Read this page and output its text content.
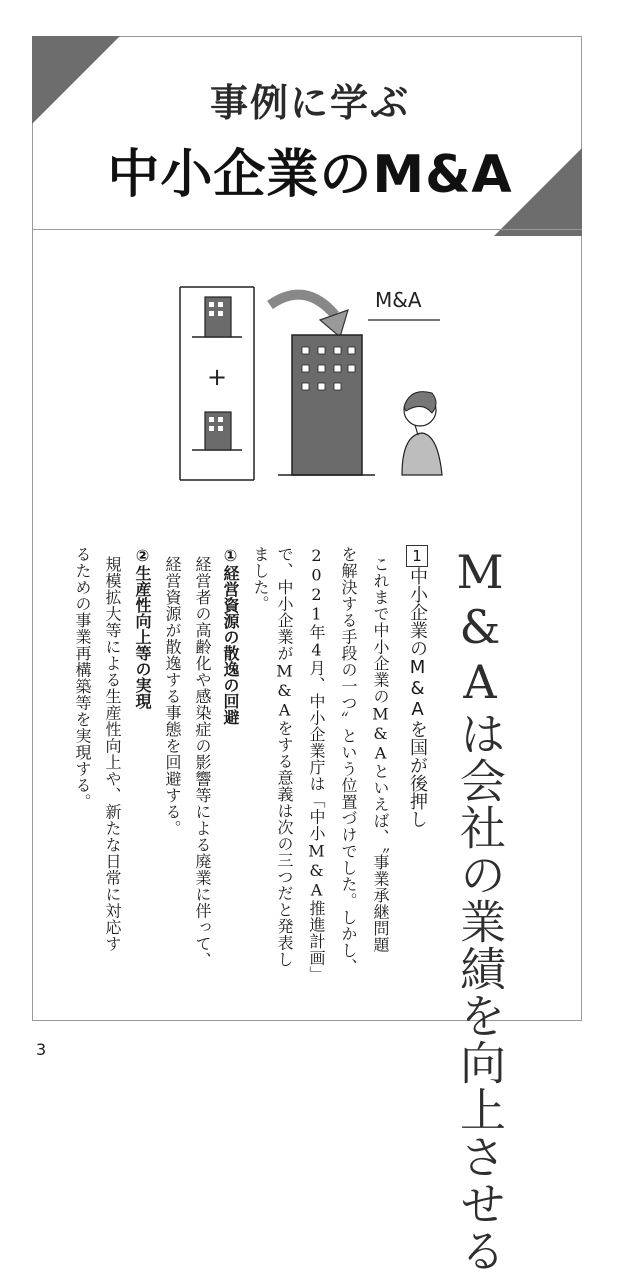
事例に学ぶ
中小企業のM&A
+
M&A
M&Aは会社の業績を向上させる
1中小企業のM&Aを国が後押し
これまで中小企業のM&Aといえば、〝事業承継問題
を解決する手段の一つ〟という位置づけでした。しかし、
2021年4月、中小企業庁は「中小M&A推進計画」
で、中小企業がM&Aをする意義は次の三つだと発表し
ました。
①経営資源の散逸の回避
経営者の高齢化や感染症の影響等による廃業に伴って、
経営資源が散逸する事態を回避する。
②生産性向上等の実現
規模拡大等による生産性向上や、新たな日常に対応す
るための事業再構築等を実現する。
3
